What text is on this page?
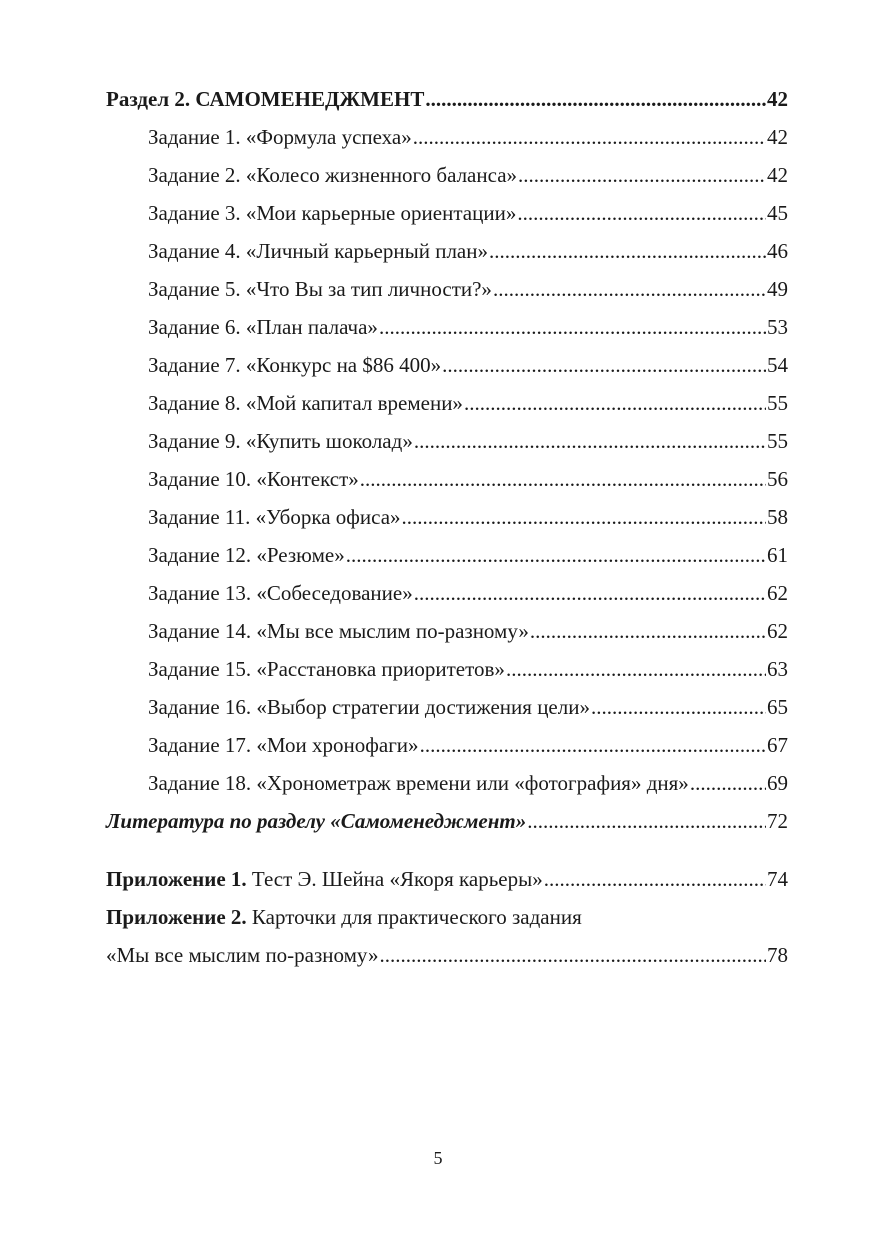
Раздел 2. САМОМЕНЕДЖМЕНТ .....	42
Задание 1. «Формула успеха» .....	42
Задание 2. «Колесо жизненного баланса» .....	42
Задание 3. «Мои карьерные ориентации» .....	45
Задание 4. «Личный карьерный план» .....	46
Задание 5. «Что Вы за тип личности?» .....	49
Задание 6. «План палача» .....	53
Задание 7. «Конкурс на $86 400» .....	54
Задание 8. «Мой капитал времени» .....	55
Задание 9. «Купить шоколад» .....	55
Задание 10. «Контекст» .....	56
Задание 11. «Уборка офиса» .....	58
Задание 12. «Резюме» .....	61
Задание 13. «Собеседование» .....	62
Задание 14. «Мы все мыслим по-разному» .....	62
Задание 15. «Расстановка приоритетов» .....	63
Задание 16. «Выбор стратегии достижения цели» .....	65
Задание 17. «Мои хронофаги» .....	67
Задание 18. «Хронометраж времени или «фотография» дня» .....	69
Литература по разделу «Самоменеджмент» .....	72
Приложение 1. Тест Э. Шейна «Якоря карьеры» .....	74
Приложение 2. Карточки для практического задания
«Мы все мыслим по-разному» .....	78
5
